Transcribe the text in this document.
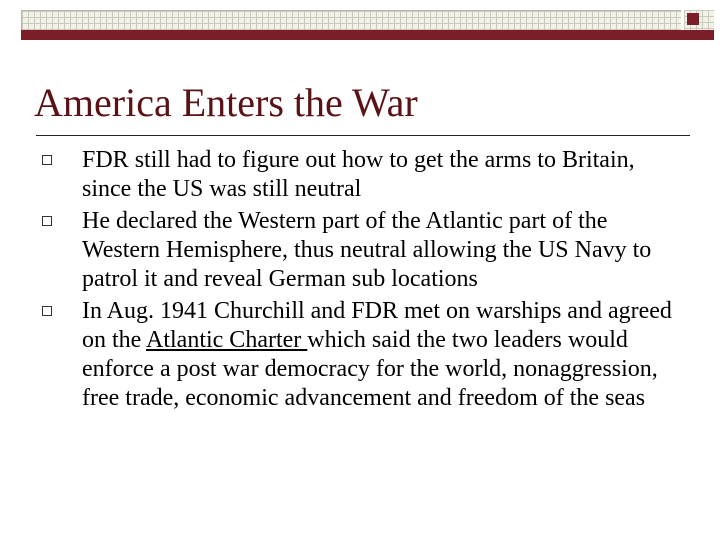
America Enters the War
FDR still had to figure out how to get the arms to Britain, since the US was still neutral
He declared the Western part of the Atlantic part of the Western Hemisphere, thus neutral allowing the US Navy to patrol it and reveal German sub locations
In Aug. 1941 Churchill and FDR met on warships and agreed on the Atlantic Charter which said the two leaders would enforce a post war democracy for the world, nonaggression, free trade, economic advancement and freedom of the seas
